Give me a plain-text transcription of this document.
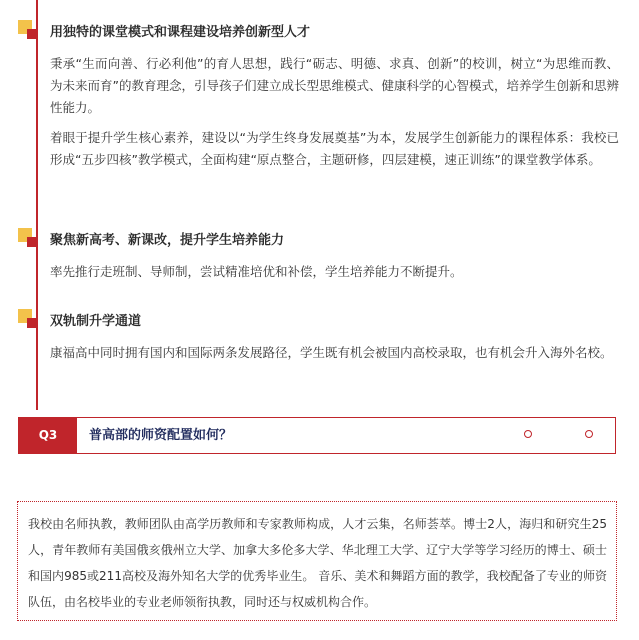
用独特的课堂模式和课程建设培养创新型人才
秉承“生而向善、行必利他”的育人思想，践行“砺志、明德、求真、创新”的校训，树立“为思维而教、为未来而育”的教育理念，引导孩子们建立成长型思维模式、健康科学的心智模式，培养学生创新和思辨性能力。
着眼于提升学生核心素养，建设以“为学生终身发展奠基”为本，发展学生创新能力的课程体系：我校已形成“五步四核”教学模式，全面构建“原点整合，主题研修，四层建模，速正训练”的课堂教学体系。
聚焦新高考、新课改，提升学生培养能力
率先推行走班制、导师制，尝试精准培优和补偿，学生培养能力不断提升。
双轨制升学通道
康福高中同时拥有国内和国际两条发展路径，学生既有机会被国内高校录取，也有机会升入海外名校。
Q3	普高部的师资配置如何？
我校由名师执教，教师团队由高学历教师和专家教师构成，人才云集，名师荟萃。博士2人，海归和研究生25人，青年教师有美国俄亥俄州立大学、加拿大多伦多大学、华北理工大学、辽宁大学等学习经历的博士、硕士和国内985或211高校及海外知名大学的优秀毕业生。 音乐、美术和舞蹈方面的教学，我校配备了专业的师资队伍，由名校毕业的专业老师领衔执教，同时还与权威机构合作。
